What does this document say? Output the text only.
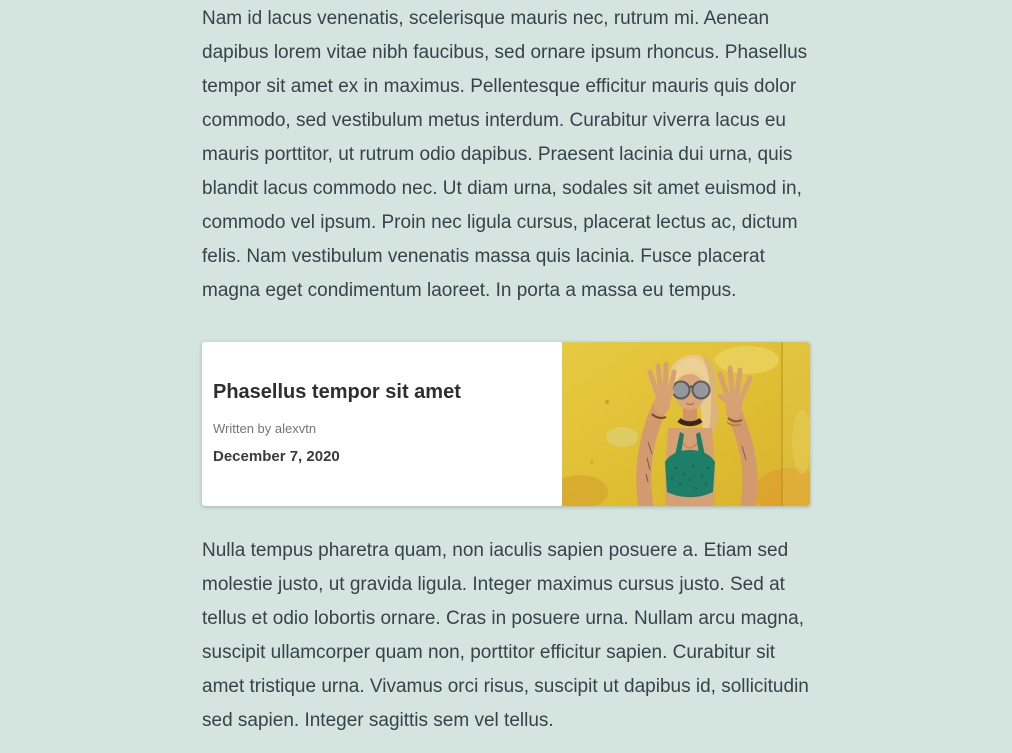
Nam id lacus venenatis, scelerisque mauris nec, rutrum mi. Aenean dapibus lorem vitae nibh faucibus, sed ornare ipsum rhoncus. Phasellus tempor sit amet ex in maximus. Pellentesque efficitur mauris quis dolor commodo, sed vestibulum metus interdum. Curabitur viverra lacus eu mauris porttitor, ut rutrum odio dapibus. Praesent lacinia dui urna, quis blandit lacus commodo nec. Ut diam urna, sodales sit amet euismod in, commodo vel ipsum. Proin nec ligula cursus, placerat lectus ac, dictum felis. Nam vestibulum venenatis massa quis lacinia. Fusce placerat magna eget condimentum laoreet. In porta a massa eu tempus.

Phasellus tempor sit amet
Written by alexvtn
December 7, 2020

Nulla tempus pharetra quam, non iaculis sapien posuere a. Etiam sed molestie justo, ut gravida ligula. Integer maximus cursus justo. Sed at tellus et odio lobortis ornare. Cras in posuere urna. Nullam arcu magna, suscipit ullamcorper quam non, porttitor efficitur sapien. Curabitur sit amet tristique urna. Vivamus orci risus, suscipit ut dapibus id, sollicitudin sed sapien. Integer sagittis sem vel tellus.
